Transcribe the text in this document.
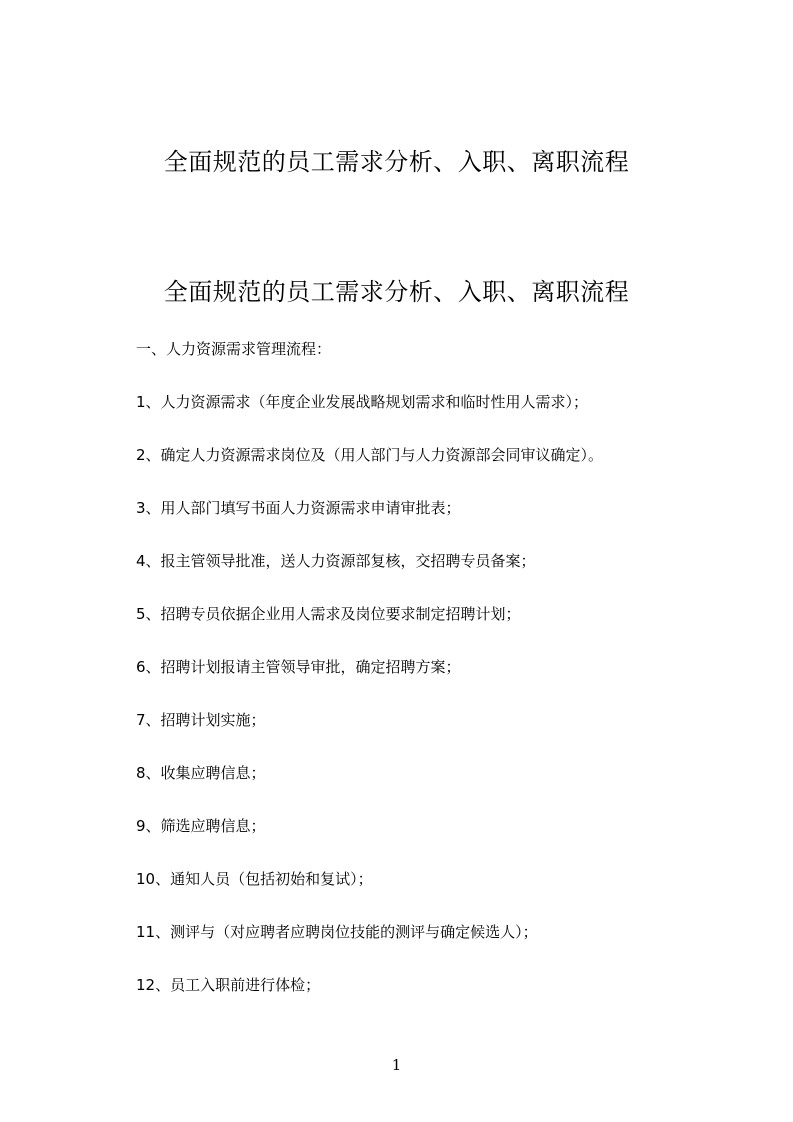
全面规范的员工需求分析、入职、离职流程
全面规范的员工需求分析、入职、离职流程
一、人力资源需求管理流程：
1、人力资源需求（年度企业发展战略规划需求和临时性用人需求）；
2、确定人力资源需求岗位及（用人部门与人力资源部会同审议确定）。
3、用人部门填写书面人力资源需求申请审批表；
4、报主管领导批准，送人力资源部复核，交招聘专员备案；
5、招聘专员依据企业用人需求及岗位要求制定招聘计划；
6、招聘计划报请主管领导审批，确定招聘方案；
7、招聘计划实施；
8、收集应聘信息；
9、筛选应聘信息；
10、通知人员（包括初始和复试）；
11、测评与（对应聘者应聘岗位技能的测评与确定候选人）；
12、员工入职前进行体检；
1
